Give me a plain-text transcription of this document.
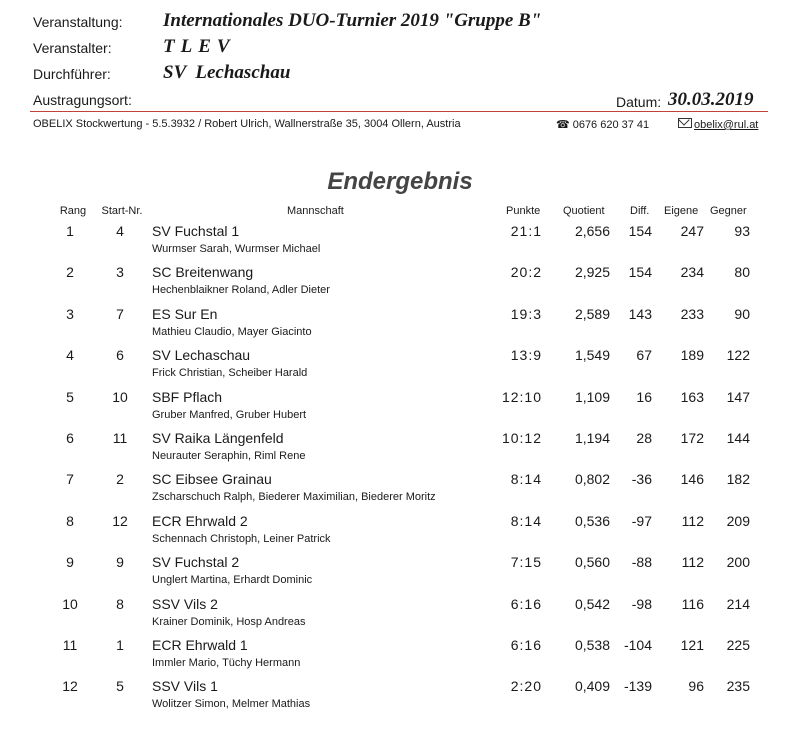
Veranstaltung: Internationales DUO-Turnier 2019 "Gruppe B"
Veranstalter:	TLEV
Durchführer:	SV  Lechaschau
Austragungsort:	Datum: 30.03.2019
OBELIX Stockwertung - 5.5.3932 / Robert Ulrich, Wallnerstraße 35, 3004 Ollern, Austria	☎ 0676 620 37 41	obelix@rul.at
Endergebnis
Rang	Start-Nr.	Mannschaft	Punkte Quotient Diff. Eigene Gegner
1	4	SV Fuchstal 1	21:1	2,656	154	247	93
Wurmser Sarah, Wurmser Michael
2	3	SC Breitenwang	20:2	2,925	154	234	80
Hechenblaikner Roland, Adler Dieter
3	7	ES Sur En	19:3	2,589	143	233	90
Mathieu Claudio, Mayer Giacinto
4	6	SV Lechaschau	13:9	1,549	67	189	122
Frick Christian, Scheiber Harald
5	10	SBF Pflach	12:10	1,109	16	163	147
Gruber Manfred, Gruber Hubert
6	11	SV Raika Längenfeld	10:12	1,194	28	172	144
Neurauter Seraphin, Riml Rene
7	2	SC Eibsee Grainau	8:14	0,802	-36	146	182
Zscharschuch Ralph, Biederer Maximilian, Biederer Moritz
8	12	ECR Ehrwald 2	8:14	0,536	-97	112	209
Schennach Christoph, Leiner Patrick
9	9	SV Fuchstal 2	7:15	0,560	-88	112	200
Unglert Martina, Erhardt Dominic
10	8	SSV Vils 2	6:16	0,542	-98	116	214
Krainer Dominik, Hosp Andreas
11	1	ECR Ehrwald 1	6:16	0,538 -104	121	225
Immler Mario, Tüchy Hermann
12	5	SSV Vils 1	2:20	0,409 -139	96	235
Wolitzer Simon, Melmer Mathias
